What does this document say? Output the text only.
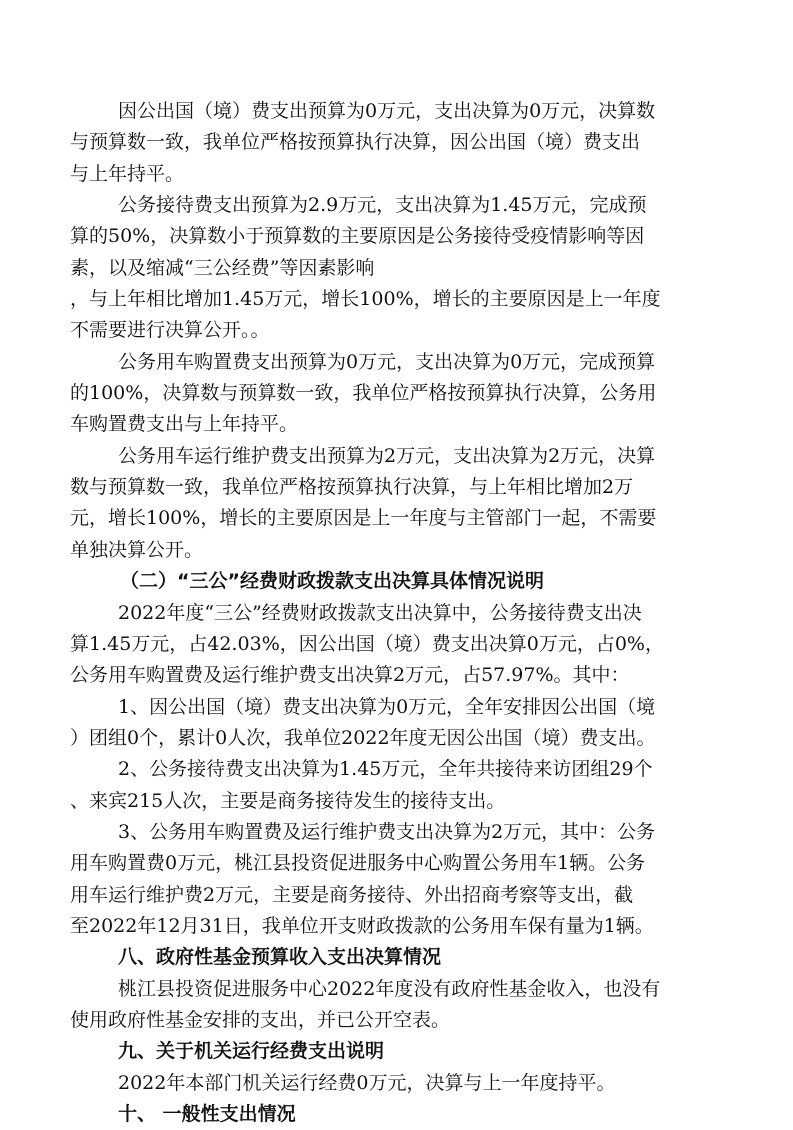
因公出国（境）费支出预算为0万元，支出决算为0万元，决算数
与预算数一致，我单位严格按预算执行决算，因公出国（境）费支出
与上年持平。
公务接待费支出预算为2.9万元，支出决算为1.45万元，完成预
算的50%，决算数小于预算数的主要原因是公务接待受疫情影响等因
素，以及缩减“三公经费”等因素影响
，与上年相比增加1.45万元，增长100%，增长的主要原因是上一年度
不需要进行决算公开。。
公务用车购置费支出预算为0万元，支出决算为0万元，完成预算
的100%，决算数与预算数一致，我单位严格按预算执行决算，公务用
车购置费支出与上年持平。
公务用车运行维护费支出预算为2万元，支出决算为2万元，决算
数与预算数一致，我单位严格按预算执行决算，与上年相比增加2万
元，增长100%，增长的主要原因是上一年度与主管部门一起，不需要
单独决算公开。
（二）“三公”经费财政拨款支出决算具体情况说明
2022年度“三公”经费财政拨款支出决算中，公务接待费支出决
算1.45万元，占42.03%，因公出国（境）费支出决算0万元，占0%，
公务用车购置费及运行维护费支出决算2万元，占57.97%。其中：
1、因公出国（境）费支出决算为0万元，全年安排因公出国（境
）团组0个，累计0人次，我单位2022年度无因公出国（境）费支出。
2、公务接待费支出决算为1.45万元，全年共接待来访团组29个
、来宾215人次，主要是商务接待发生的接待支出。
3、公务用车购置费及运行维护费支出决算为2万元，其中：公务
用车购置费0万元，桃江县投资促进服务中心购置公务用车1辆。公务
用车运行维护费2万元，主要是商务接待、外出招商考察等支出，截
至2022年12月31日，我单位开支财政拨款的公务用车保有量为1辆。
八、政府性基金预算收入支出决算情况
桃江县投资促进服务中心2022年度没有政府性基金收入，也没有
使用政府性基金安排的支出，并已公开空表。
九、关于机关运行经费支出说明
2022年本部门机关运行经费0万元，决算与上一年度持平。
十、 一般性支出情况
